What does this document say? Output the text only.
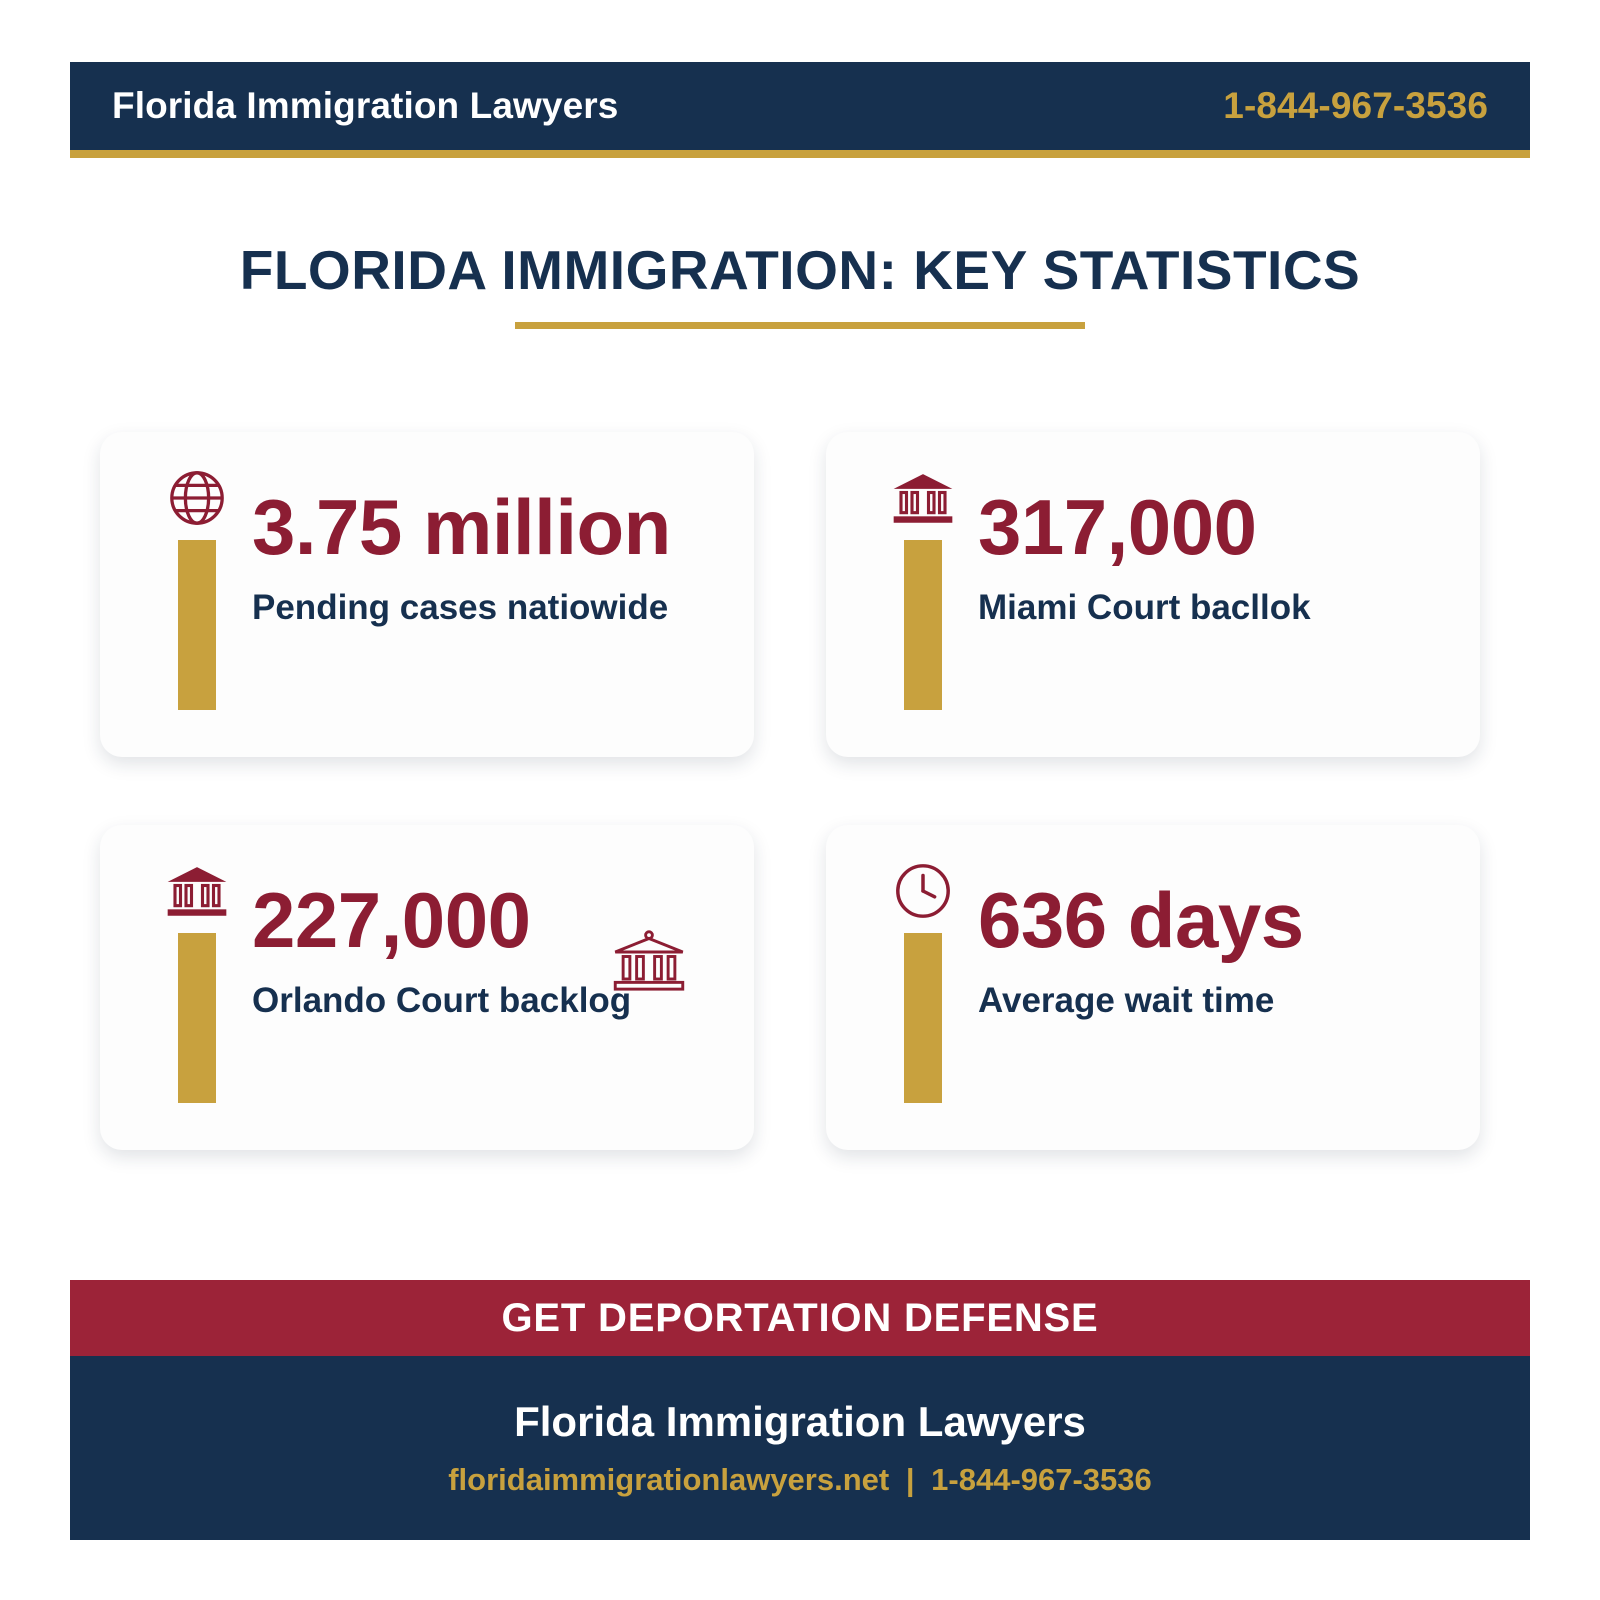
Florida Immigration Lawyers	1-844-967-3536
FLORIDA IMMIGRATION: KEY STATISTICS
3.75 million
Pending cases natiowide
317,000
Miami Court bacllok
227,000
Orlando Court backlog
636 days
Average wait time
GET DEPORTATION DEFENSE
Florida Immigration Lawyers
floridaimmigrationlawyers.net | 1-844-967-3536
